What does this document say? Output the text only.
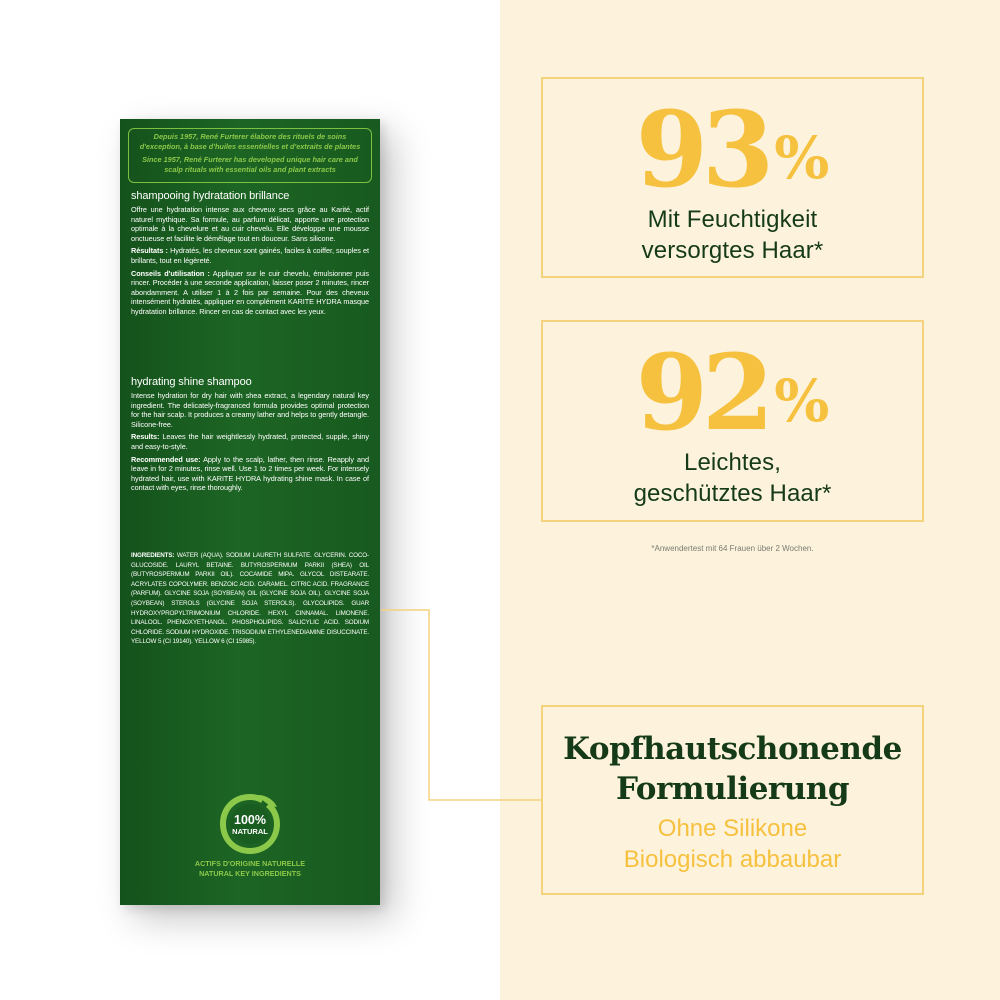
Depuis 1957, René Furterer élabore des rituels de soins d'exception, à base d'huiles essentielles et d'extraits de plantes

Since 1957, René Furterer has developed unique hair care and scalp rituals with essential oils and plant extracts

shampooing hydratation brillance

Offre une hydratation intense aux cheveux secs grâce au Karité, actif naturel mythique. Sa formule, au parfum délicat, apporte une protection optimale à la chevelure et au cuir chevelu. Elle développe une mousse onctueuse et facilite le démêlage tout en douceur. Sans silicone.

Résultats : Hydratés, les cheveux sont gainés, faciles à coiffer, souples et brillants, tout en légèreté.

Conseils d'utilisation : Appliquer sur le cuir chevelu, émulsionner puis rincer. Procéder à une seconde application, laisser poser 2 minutes, rincer abondamment. A utiliser 1 à 2 fois par semaine. Pour des cheveux intensément hydratés, appliquer en complément KARITE HYDRA masque hydratation brillance. Rincer en cas de contact avec les yeux.

hydrating shine shampoo

Intense hydration for dry hair with shea extract, a legendary natural key ingredient. The delicately-fragranced formula provides optimal protection for the hair scalp. It produces a creamy lather and helps to gently detangle. Silicone-free.

Results: Leaves the hair weightlessly hydrated, protected, supple, shiny and easy-to-style.

Recommended use: Apply to the scalp, lather, then rinse. Reapply and leave in for 2 minutes, rinse well. Use 1 to 2 times per week. For intensely hydrated hair, use with KARITE HYDRA hydrating shine mask. In case of contact with eyes, rinse thoroughly.

INGREDIENTS: WATER (AQUA). SODIUM LAURETH SULFATE. GLYCERIN. COCO-GLUCOSIDE. LAURYL BETAINE. BUTYROSPERMUM PARKII (SHEA) OIL (BUTYROSPERMUM PARKII OIL). COCAMIDE MIPA. GLYCOL DISTEARATE. ACRYLATES COPOLYMER. BENZOIC ACID. CARAMEL. CITRIC ACID. FRAGRANCE (PARFUM). GLYCINE SOJA (SOYBEAN) OIL (GLYCINE SOJA OIL). GLYCINE SOJA (SOYBEAN) STEROLS (GLYCINE SOJA STEROLS). GLYCOLIPIDS. GUAR HYDROXYPROPYLTRIMONIUM CHLORIDE. HEXYL CINNAMAL. LIMONENE. LINALOOL. PHENOXYETHANOL. PHOSPHOLIPIDS. SALICYLIC ACID. SODIUM CHLORIDE. SODIUM HYDROXIDE. TRISODIUM ETHYLENEDIAMINE DISUCCINATE. YELLOW 5 (CI 19140). YELLOW 6 (CI 15985).

100%
NATURAL
ACTIFS D'ORIGINE NATURELLE
NATURAL KEY INGREDIENTS
93 %
Mit Feuchtigkeit
versorgtes Haar*
92 %
Leichtes,
geschütztes Haar*
*Anwendertest mit 64 Frauen über 2 Wochen.
Kopfhautschonende
Formulierung
Ohne Silikone
Biologisch abbaubar
